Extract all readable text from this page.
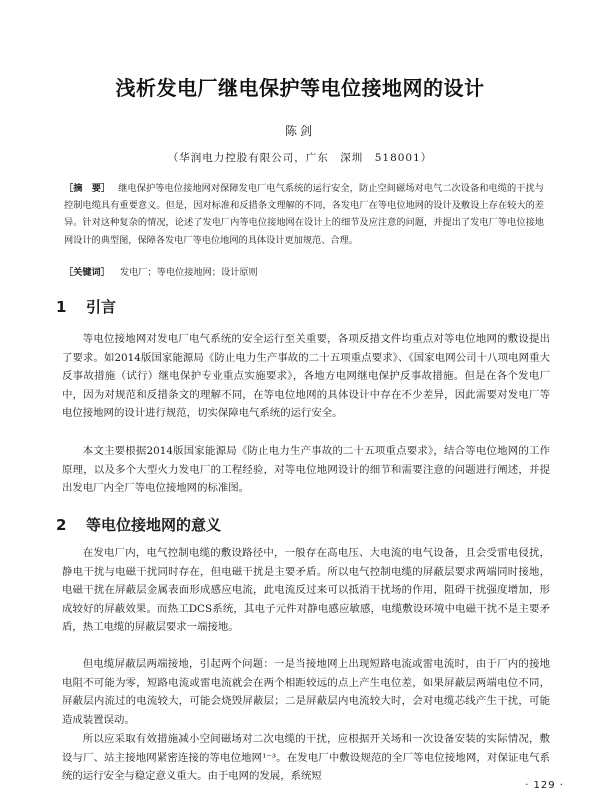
浅析发电厂继电保护等电位接地网的设计
陈剑
（华润电力控股有限公司，广东　深圳　518001）
［摘　要］ 继电保护等电位接地网对保障发电厂电气系统的运行安全，防止空间磁场对电气二次设备和电缆的干扰与控制电缆具有重要意义。但是，因对标准和反措条文理解的不同，各发电厂在等电位地网的设计及敷设上存在较大的差异。针对这种复杂的情况，论述了发电厂内等电位接地网在设计上的细节及应注意的问题，并提出了发电厂等电位接地网设计的典型图，保障各发电厂等电位地网的具体设计更加规范、合理。
［关键词］ 发电厂；等电位接地网；设计原则
1 引言
等电位接地网对发电厂电气系统的安全运行至关重要，各项反措文件均重点对等电位地网的敷设提出了要求。如2014版国家能源局《防止电力生产事故的二十五项重点要求》、《国家电网公司十八项电网重大反事故措施（试行）继电保护专业重点实施要求》，各地方电网继电保护反事故措施。但是在各个发电厂中，因为对规范和反措条文的理解不同，在等电位地网的具体设计中存在不少差异，因此需要对发电厂等电位接地网的设计进行规范，切实保障电气系统的运行安全。
本文主要根据2014版国家能源局《防止电力生产事故的二十五项重点要求》，结合等电位地网的工作原理，以及多个大型火力发电厂的工程经验，对等电位地网设计的细节和需要注意的问题进行阐述，并提出发电厂内全厂等电位接地网的标准图。
2 等电位接地网的意义
在发电厂内，电气控制电缆的敷设路径中，一般存在高电压、大电流的电气设备，且会受雷电侵扰，静电干扰与电磁干扰同时存在，但电磁干扰是主要矛盾。所以电气控制电缆的屏蔽层要求两端同时接地，电磁干扰在屏蔽层金属表面形成感应电流，此电流反过来可以抵消干扰场的作用，阻碍干扰强度增加，形成较好的屏蔽效果。而热工DCS系统，其电子元件对静电感应敏感，电缆敷设环境中电磁干扰不是主要矛盾，热工电缆的屏蔽层要求一端接地。
但电缆屏蔽层两端接地，引起两个问题：一是当接地网上出现短路电流或雷电流时，由于厂内的接地电阻不可能为零，短路电流或雷电流就会在两个相距较远的点上产生电位差，如果屏蔽层两端电位不同，屏蔽层内流过的电流较大，可能会烧毁屏蔽层；二是屏蔽层内电流较大时，会对电缆芯线产生干扰，可能造成装置误动。
所以应采取有效措施减小空间磁场对二次电缆的干扰，应根据开关场和一次设备安装的实际情况，敷设与厂、站主接地网紧密连接的等电位地网¹⁻³。在发电厂中敷设规范的全厂等电位接地网，对保证电气系统的运行安全与稳定意义重大。由于电网的发展，系统短
· 129 ·
